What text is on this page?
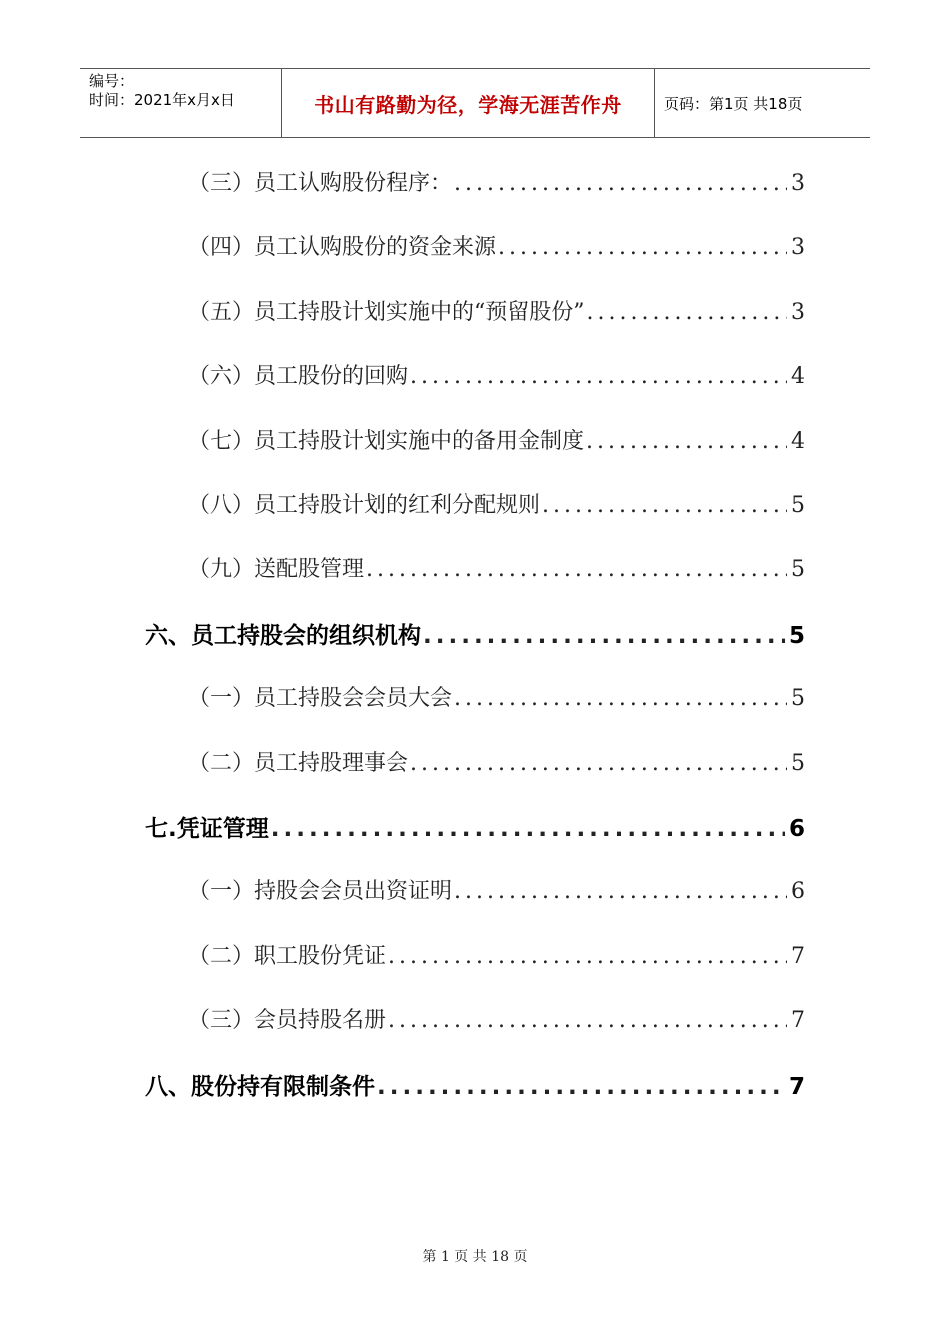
编号：
时间：2021年x月x日	书山有路勤为径，学海无涯苦作舟	页码：第1页 共18页
（三）员工认购股份程序： .....	3
（四）员工认购股份的资金来源 .....	3
（五）员工持股计划实施中的“预留股份” .....	3
（六）员工股份的回购 .....	4
（七）员工持股计划实施中的备用金制度 .....	4
（八）员工持股计划的红利分配规则 .....	5
（九）送配股管理 .....	5
六、员工持股会的组织机构 .....	5
（一）员工持股会会员大会 .....	5
（二）员工持股理事会 .....	5
七.凭证管理 .....	6
（一）持股会会员出资证明 .....	6
（二）职工股份凭证 .....	7
（三）会员持股名册 .....	7
八、股份持有限制条件 .....	7
第 1 页 共 18 页
